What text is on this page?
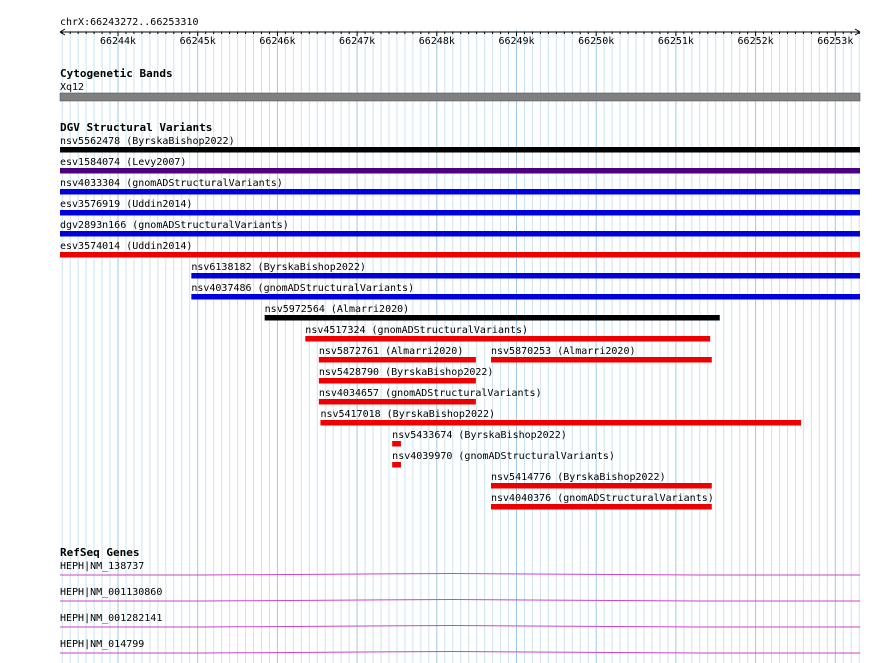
chrX:66243272..66253310
66244k	66245k	66246k	66247k	66248k	66249k	66250k	66251k	66252k	66253k
Cytogenetic Bands
Xq12
DGV Structural Variants
nsv5562478 (ByrskaBishop2022)
esv1584074 (Levy2007)
nsv4033304 (gnomADStructuralVariants)
esv3576919 (Uddin2014)
dgv2893n166 (gnomADStructuralVariants)
esv3574014 (Uddin2014)
nsv6138182 (ByrskaBishop2022)
nsv4037486 (gnomADStructuralVariants)
nsv5972564 (Almarri2020)
nsv4517324 (gnomADStructuralVariants)
nsv5872761 (Almarri2020)	nsv5870253 (Almarri2020)
nsv5428790 (ByrskaBishop2022)
nsv4034657 (gnomADStructuralVariants)
nsv5417018 (ByrskaBishop2022)
nsv5433674 (ByrskaBishop2022)
nsv4039970 (gnomADStructuralVariants)
nsv5414776 (ByrskaBishop2022)
nsv4040376 (gnomADStructuralVariants)
RefSeq Genes
HEPH|NM_138737
HEPH|NM_001130860
HEPH|NM_001282141
HEPH|NM_014799
